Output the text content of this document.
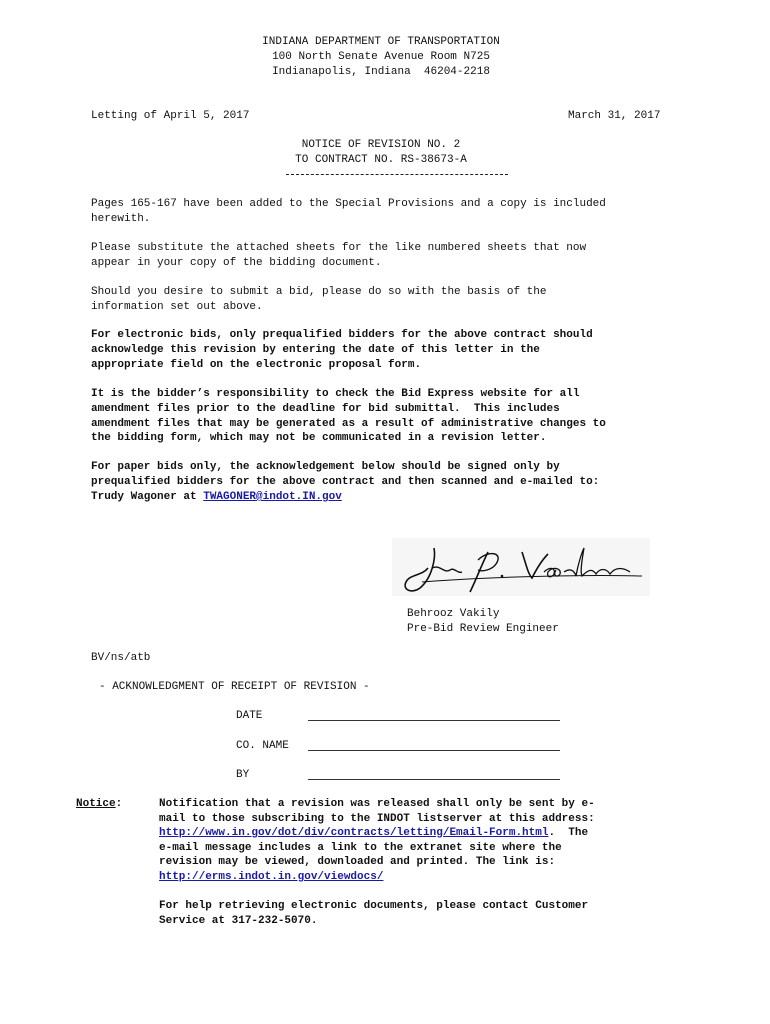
INDIANA DEPARTMENT OF TRANSPORTATION
100 North Senate Avenue Room N725
Indianapolis, Indiana  46204-2218
Letting of April 5, 2017	March 31, 2017
NOTICE OF REVISION NO. 2
TO CONTRACT NO. RS-38673-A
Pages 165-167 have been added to the Special Provisions and a copy is included
herewith.
Please substitute the attached sheets for the like numbered sheets that now
appear in your copy of the bidding document.
Should you desire to submit a bid, please do so with the basis of the
information set out above.
For electronic bids, only prequalified bidders for the above contract should
acknowledge this revision by entering the date of this letter in the
appropriate field on the electronic proposal form.
It is the bidder’s responsibility to check the Bid Express website for all
amendment files prior to the deadline for bid submittal.  This includes
amendment files that may be generated as a result of administrative changes to
the bidding form, which may not be communicated in a revision letter.
For paper bids only, the acknowledgement below should be signed only by
prequalified bidders for the above contract and then scanned and e-mailed to:
Trudy Wagoner at TWAGONER@indot.IN.gov
Behrooz Vakily
Pre-Bid Review Engineer
BV/ns/atb
- ACKNOWLEDGMENT OF RECEIPT OF REVISION -
DATE
CO. NAME
BY
Notice:	Notification that a revision was released shall only be sent by e-
mail to those subscribing to the INDOT listserver at this address:
http://www.in.gov/dot/div/contracts/letting/Email-Form.html.  The
e-mail message includes a link to the extranet site where the
revision may be viewed, downloaded and printed. The link is:
http://erms.indot.in.gov/viewdocs/
For help retrieving electronic documents, please contact Customer
Service at 317-232-5070.
